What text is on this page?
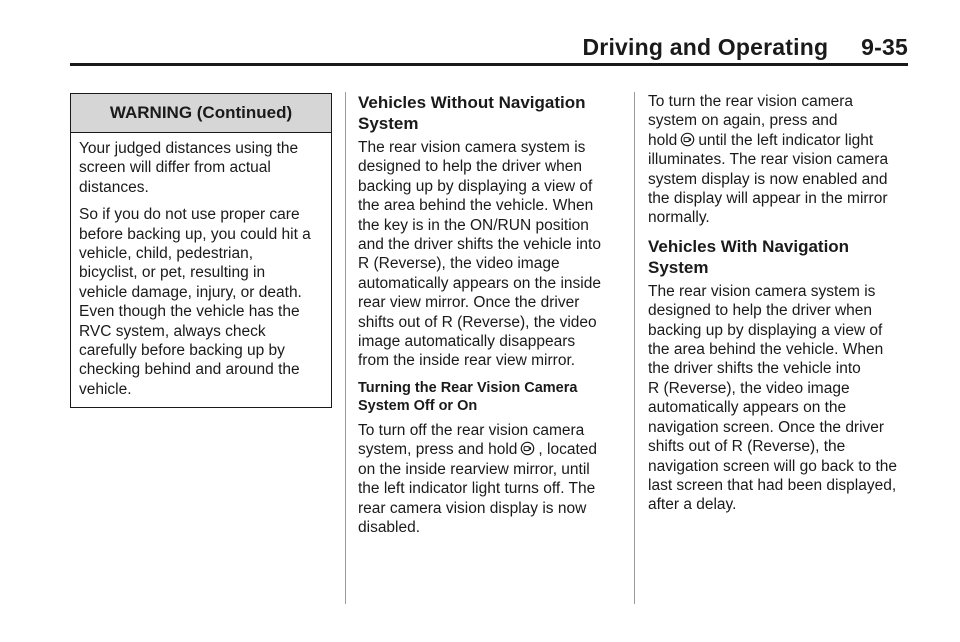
Driving and Operating     9-35
WARNING (Continued)

Your judged distances using the
screen will differ from actual
distances.

So if you do not use proper care
before backing up, you could hit a
vehicle, child, pedestrian,
bicyclist, or pet, resulting in
vehicle damage, injury, or death.
Even though the vehicle has the
RVC system, always check
carefully before backing up by
checking behind and around the
vehicle.

Vehicles Without Navigation
System

The rear vision camera system is
designed to help the driver when
backing up by displaying a view of
the area behind the vehicle. When
the key is in the ON/RUN position
and the driver shifts the vehicle into
R (Reverse), the video image
automatically appears on the inside
rear view mirror. Once the driver
shifts out of R (Reverse), the video
image automatically disappears
from the inside rear view mirror.

Turning the Rear Vision Camera
System Off or On

To turn off the rear vision camera
system, press and hold , located
on the inside rearview mirror, until
the left indicator light turns off. The
rear camera vision display is now
disabled.

To turn the rear vision camera
system on again, press and
hold until the left indicator light
illuminates. The rear vision camera
system display is now enabled and
the display will appear in the mirror
normally.

Vehicles With Navigation
System

The rear vision camera system is
designed to help the driver when
backing up by displaying a view of
the area behind the vehicle. When
the driver shifts the vehicle into
R (Reverse), the video image
automatically appears on the
navigation screen. Once the driver
shifts out of R (Reverse), the
navigation screen will go back to the
last screen that had been displayed,
after a delay.
